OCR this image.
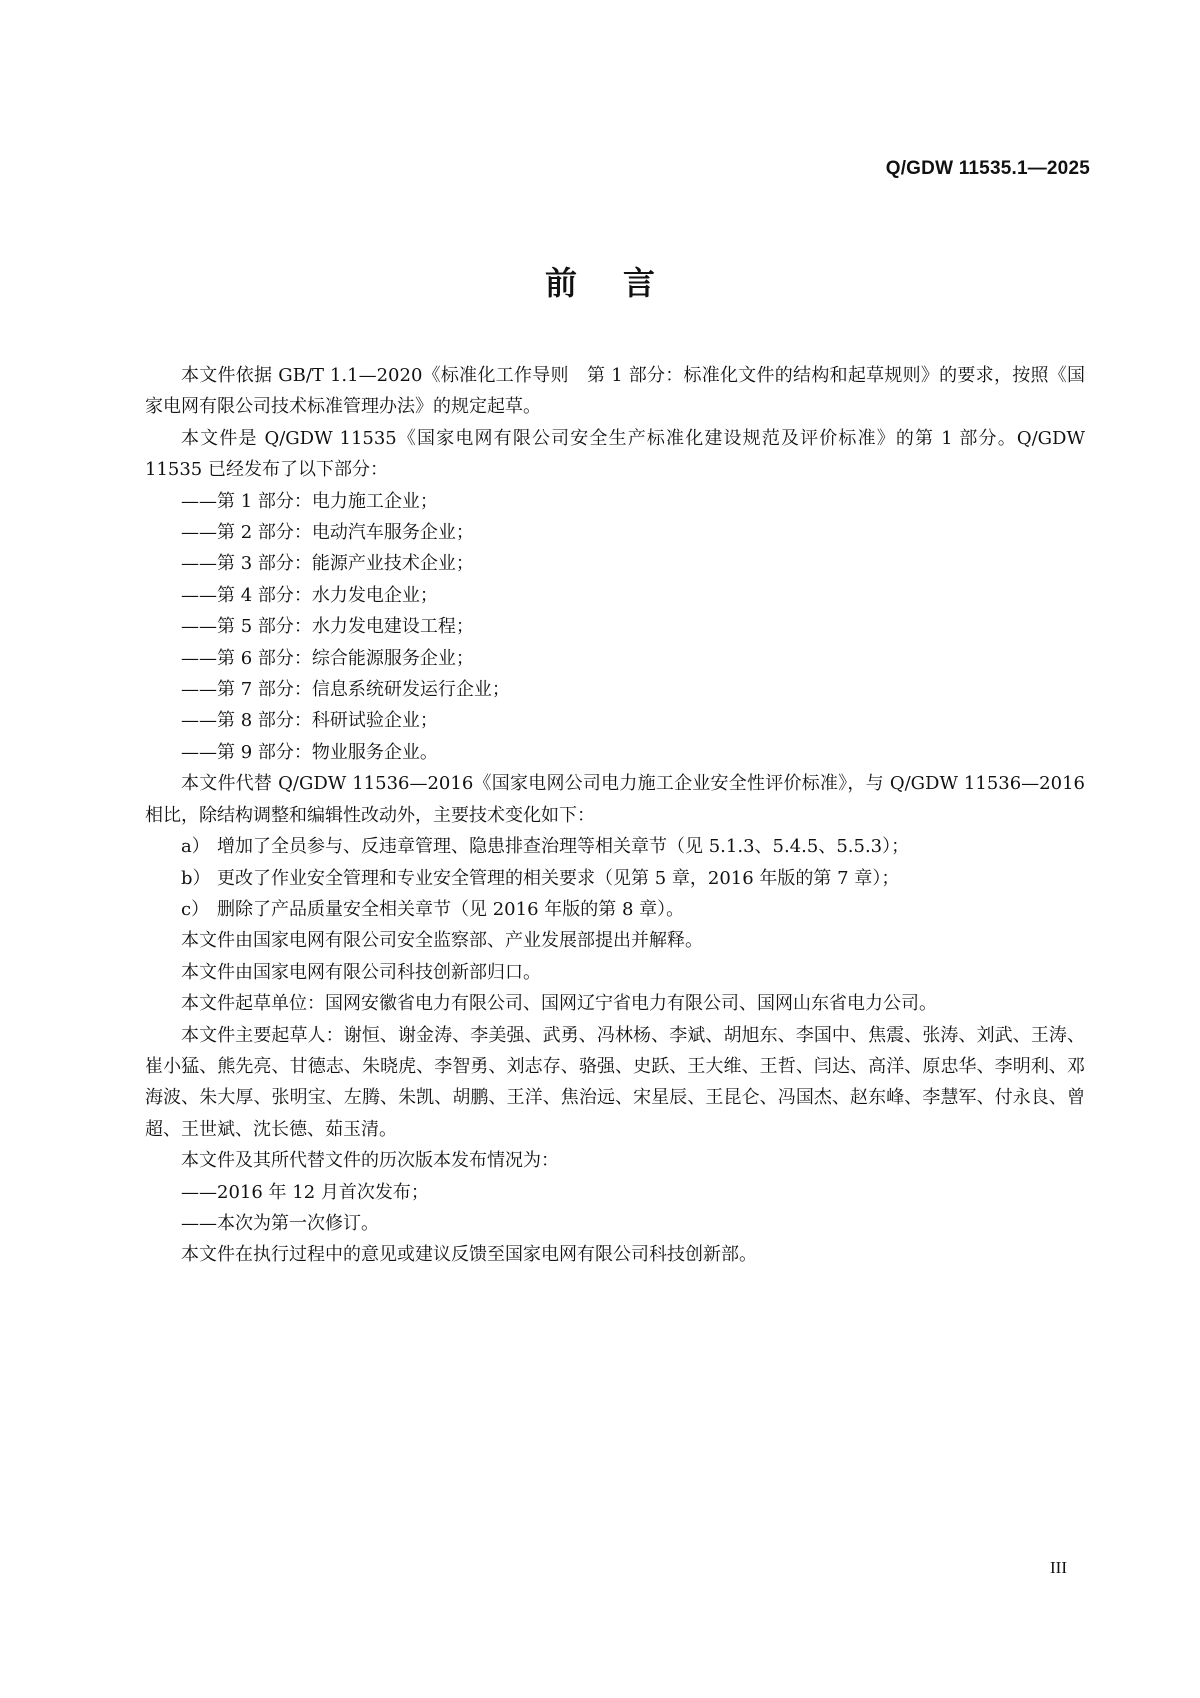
Q/GDW 11535.1—2025
前言

本文件依据 GB/T 1.1—2020《标准化工作导则　第 1 部分：标准化文件的结构和起草规则》的要求，按照《国家电网有限公司技术标准管理办法》的规定起草。

本文件是 Q/GDW 11535《国家电网有限公司安全生产标准化建设规范及评价标准》的第 1 部分。Q/GDW 11535 已经发布了以下部分：

——第 1 部分：电力施工企业；

——第 2 部分：电动汽车服务企业；

——第 3 部分：能源产业技术企业；

——第 4 部分：水力发电企业；

——第 5 部分：水力发电建设工程；

——第 6 部分：综合能源服务企业；

——第 7 部分：信息系统研发运行企业；

——第 8 部分：科研试验企业；

——第 9 部分：物业服务企业。

本文件代替 Q/GDW 11536—2016《国家电网公司电力施工企业安全性评价标准》，与 Q/GDW 11536—2016 相比，除结构调整和编辑性改动外，主要技术变化如下：

a） 增加了全员参与、反违章管理、隐患排查治理等相关章节（见 5.1.3、5.4.5、5.5.3）；

b） 更改了作业安全管理和专业安全管理的相关要求（见第 5 章，2016 年版的第 7 章）；

c） 删除了产品质量安全相关章节（见 2016 年版的第 8 章）。

本文件由国家电网有限公司安全监察部、产业发展部提出并解释。

本文件由国家电网有限公司科技创新部归口。

本文件起草单位：国网安徽省电力有限公司、国网辽宁省电力有限公司、国网山东省电力公司。

本文件主要起草人：谢恒、谢金涛、李美强、武勇、冯林杨、李斌、胡旭东、李国中、焦震、张涛、刘武、王涛、崔小猛、熊先亮、甘德志、朱晓虎、李智勇、刘志存、骆强、史跃、王大维、王哲、闫达、高洋、原忠华、李明利、邓海波、朱大厚、张明宝、左腾、朱凯、胡鹏、王洋、焦治远、宋星辰、王昆仑、冯国杰、赵东峰、李慧军、付永良、曾超、王世斌、沈长德、茹玉清。

本文件及其所代替文件的历次版本发布情况为：

——2016 年 12 月首次发布；

——本次为第一次修订。

本文件在执行过程中的意见或建议反馈至国家电网有限公司科技创新部。

III
